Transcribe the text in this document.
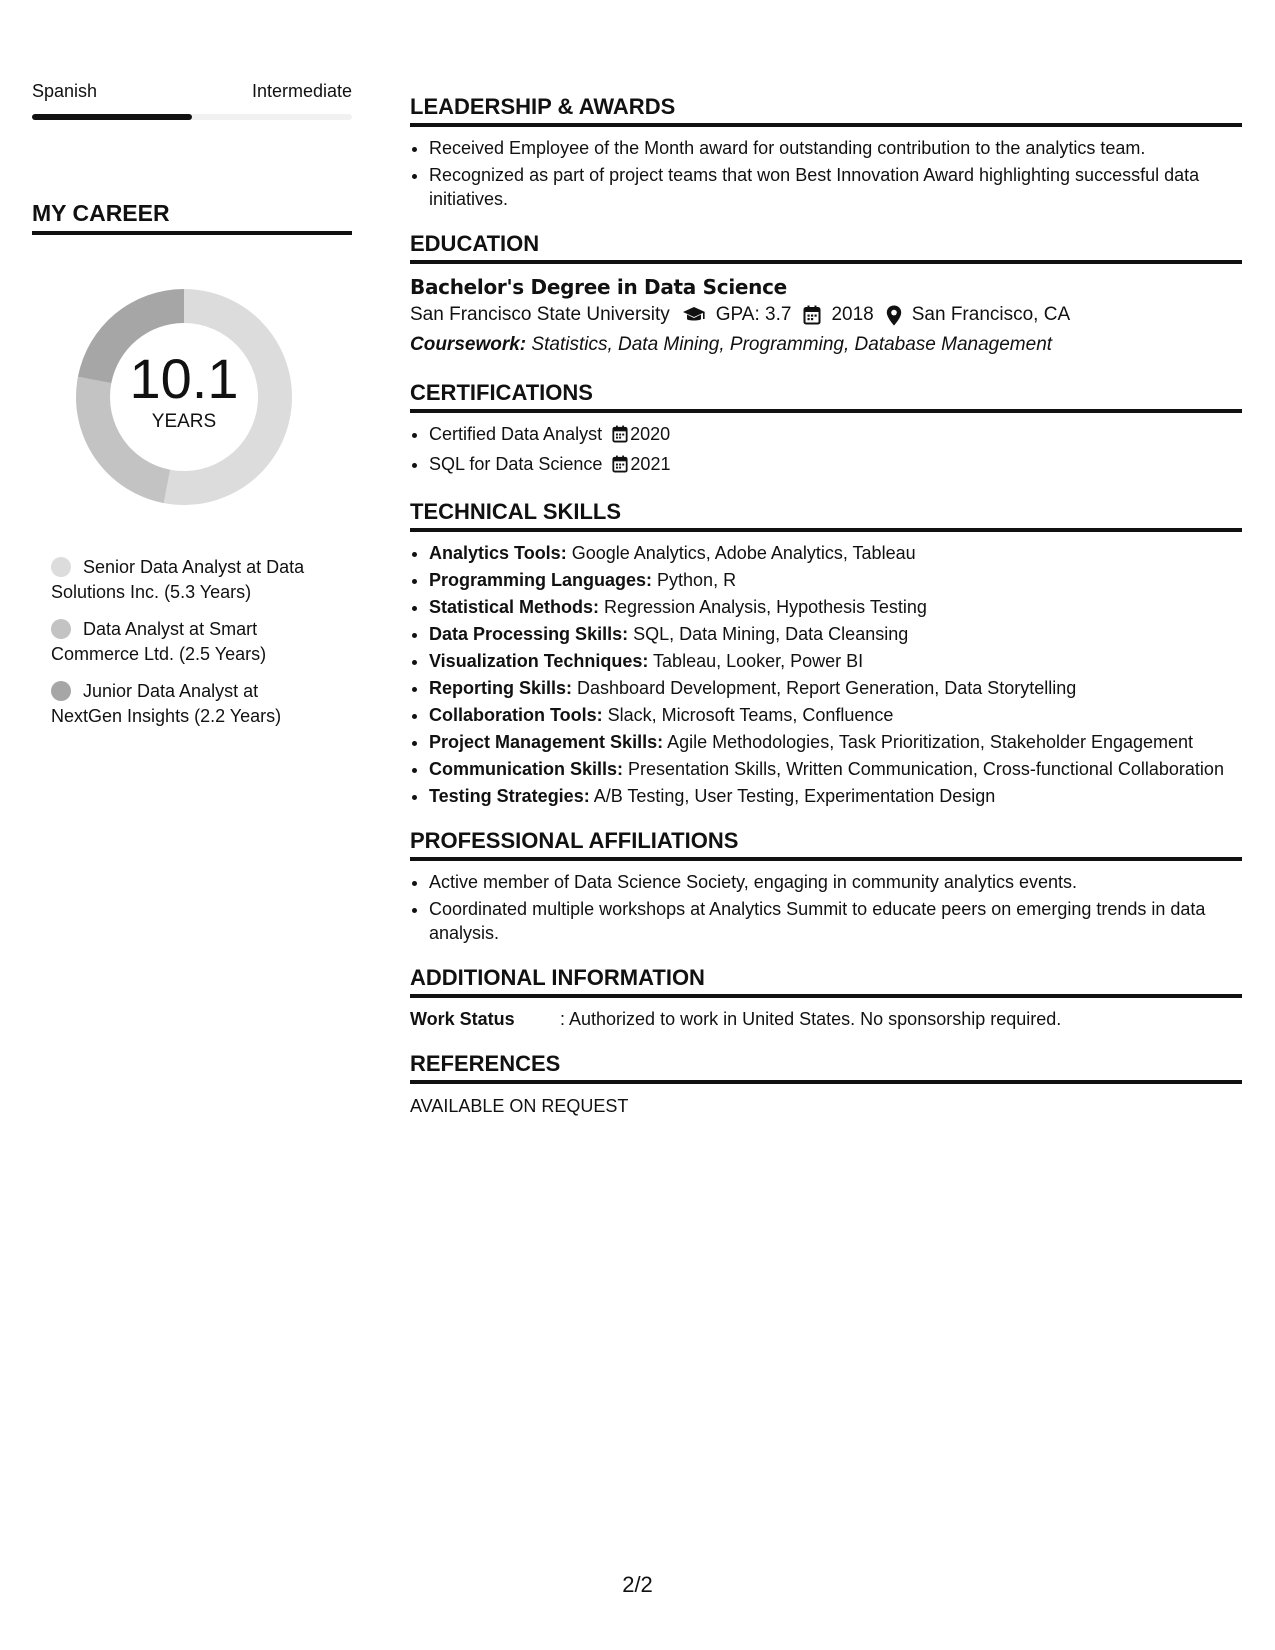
Spanish	Intermediate
MY CAREER
10.1
YEARS
Senior Data Analyst at Data Solutions Inc. (5.3 Years)
Data Analyst at Smart Commerce Ltd. (2.5 Years)
Junior Data Analyst at NextGen Insights (2.2 Years)
LEADERSHIP & AWARDS
• Received Employee of the Month award for outstanding contribution to the analytics team.
• Recognized as part of project teams that won Best Innovation Award highlighting successful data initiatives.
EDUCATION
Bachelor's Degree in Data Science
San Francisco State University GPA: 3.7 2018 San Francisco, CA
Coursework: Statistics, Data Mining, Programming, Database Management
CERTIFICATIONS
• Certified Data Analyst 2020
• SQL for Data Science 2021
TECHNICAL SKILLS
• Analytics Tools: Google Analytics, Adobe Analytics, Tableau
• Programming Languages: Python, R
• Statistical Methods: Regression Analysis, Hypothesis Testing
• Data Processing Skills: SQL, Data Mining, Data Cleansing
• Visualization Techniques: Tableau, Looker, Power BI
• Reporting Skills: Dashboard Development, Report Generation, Data Storytelling
• Collaboration Tools: Slack, Microsoft Teams, Confluence
• Project Management Skills: Agile Methodologies, Task Prioritization, Stakeholder Engagement
• Communication Skills: Presentation Skills, Written Communication, Cross-functional Collaboration
• Testing Strategies: A/B Testing, User Testing, Experimentation Design
PROFESSIONAL AFFILIATIONS
• Active member of Data Science Society, engaging in community analytics events.
• Coordinated multiple workshops at Analytics Summit to educate peers on emerging trends in data analysis.
ADDITIONAL INFORMATION
Work Status	: Authorized to work in United States. No sponsorship required.
REFERENCES
AVAILABLE ON REQUEST
2/2
